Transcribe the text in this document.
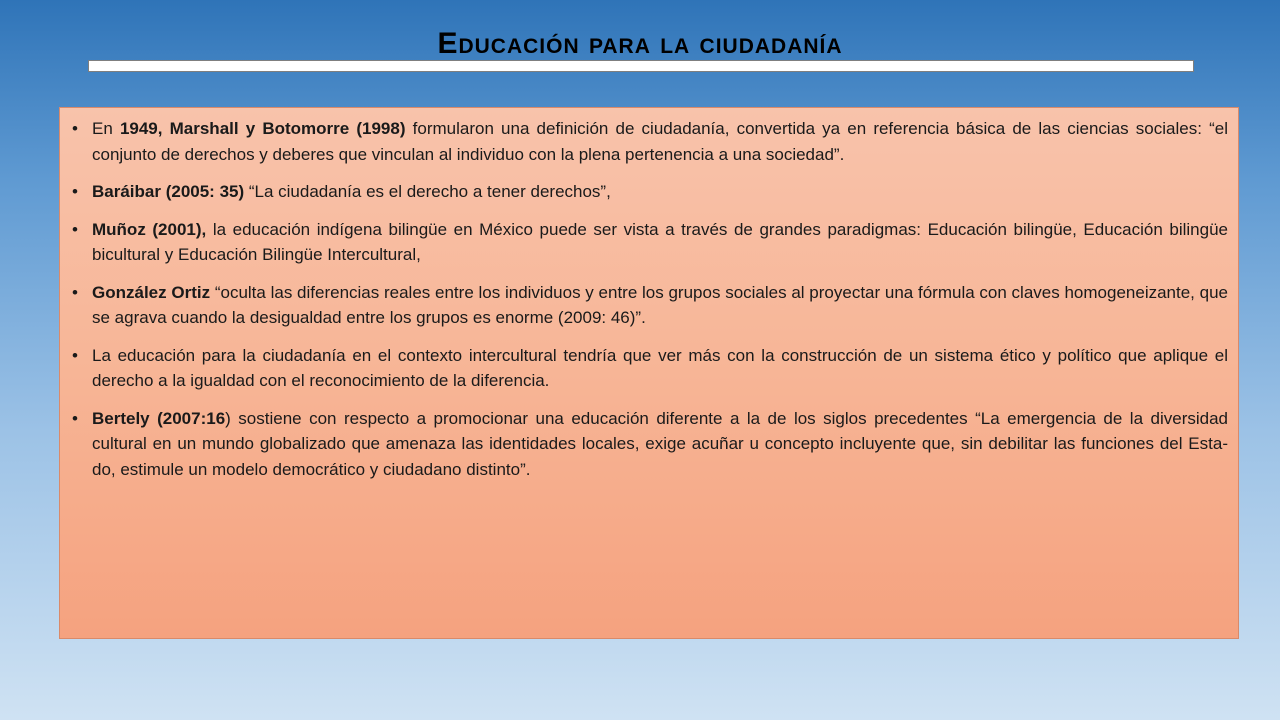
Educación para la ciudadanía
• En 1949, Marshall y Botomorre (1998) formularon una definición de ciudadanía, convertida ya en referencia básica de las ciencias sociales: “el conjunto de derechos y deberes que vinculan al individuo con la plena pertenencia a una sociedad”.
• Baráibar (2005: 35) “La ciudadanía es el derecho a tener derechos”,
• Muñoz (2001), la educación indígena bilingüe en México puede ser vista a través de grandes paradigmas: Educación bilingüe, Educación bilingüe bicultural y Educación Bilingüe Intercultural,
• González Ortiz “oculta las diferencias reales entre los individuos y entre los grupos sociales al proyectar una fórmula con claves homogeneizante, que se agrava cuando la desigualdad entre los grupos es enorme (2009: 46)”.
• La educación para la ciudadanía en el contexto intercultural tendría que ver más con la construcción de un sistema ético y político que aplique el derecho a la igualdad con el reconocimiento de la diferencia.
• Bertely (2007:16) sostiene con respecto a promocionar una educación diferente a la de los siglos precedentes “La emergencia de la diversidad cultural en un mundo globalizado que amenaza las identidades locales, exige acuñar u concepto incluyente que, sin debilitar las funciones del Esta- do, estimule un modelo democrático y ciudadano distinto”.
